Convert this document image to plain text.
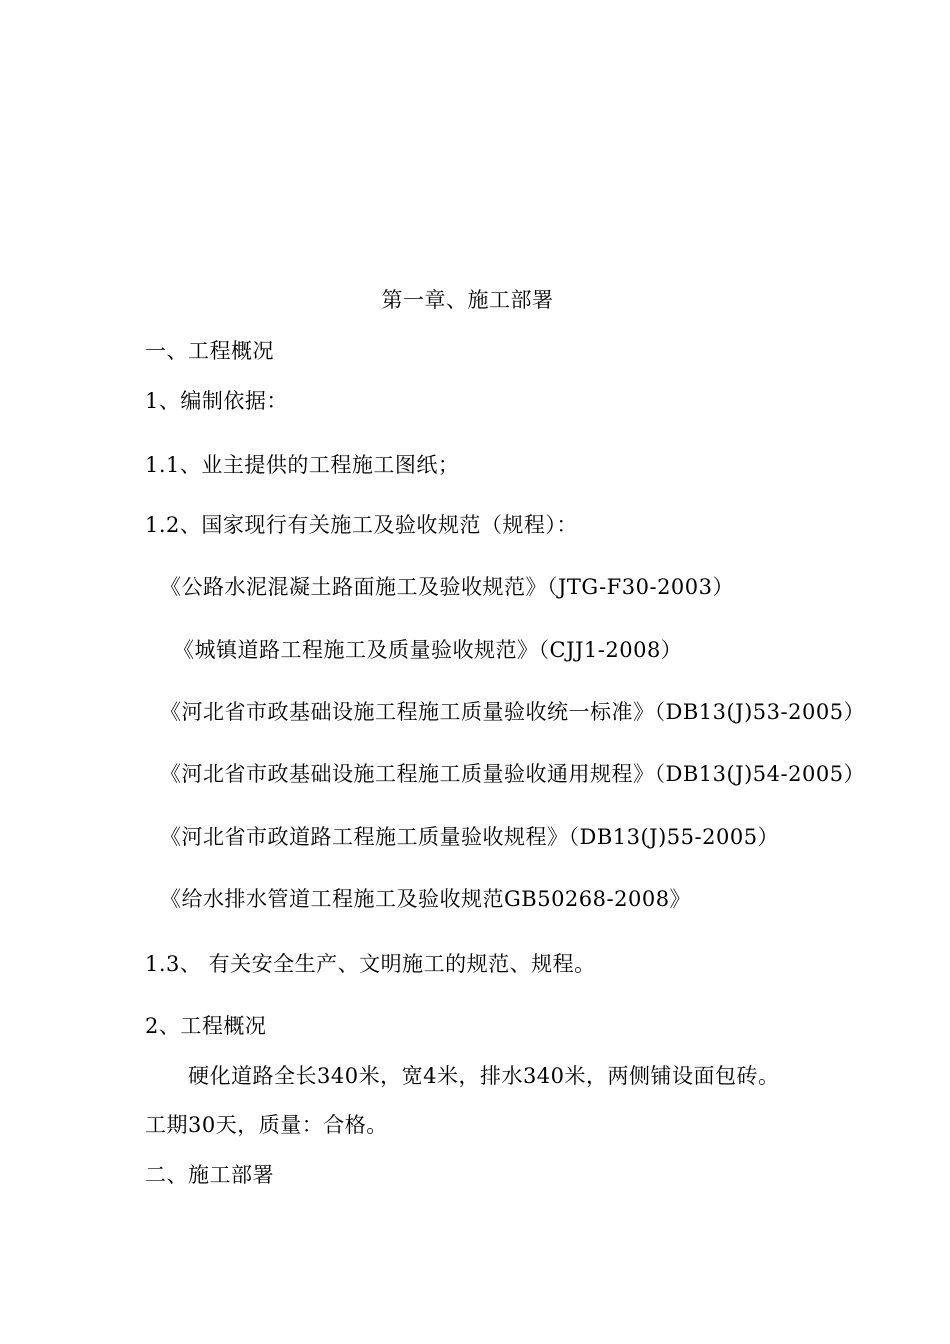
第一章、施工部署
一、工程概况
1、编制依据：
1.1、业主提供的工程施工图纸；
1.2、国家现行有关施工及验收规范（规程）：
《公路水泥混凝土路面施工及验收规范》（JTG-F30-2003）
《城镇道路工程施工及质量验收规范》（CJJ1-2008）
《河北省市政基础设施工程施工质量验收统一标准》（DB13(J)53-2005）
《河北省市政基础设施工程施工质量验收通用规程》（DB13(J)54-2005）
《河北省市政道路工程施工质量验收规程》（DB13(J)55-2005）
《给水排水管道工程施工及验收规范GB50268-2008》
1.3、 有关安全生产、文明施工的规范、规程。
2、工程概况
硬化道路全长340米，宽4米，排水340米，两侧铺设面包砖。
工期30天，质量：合格。
二、施工部署
